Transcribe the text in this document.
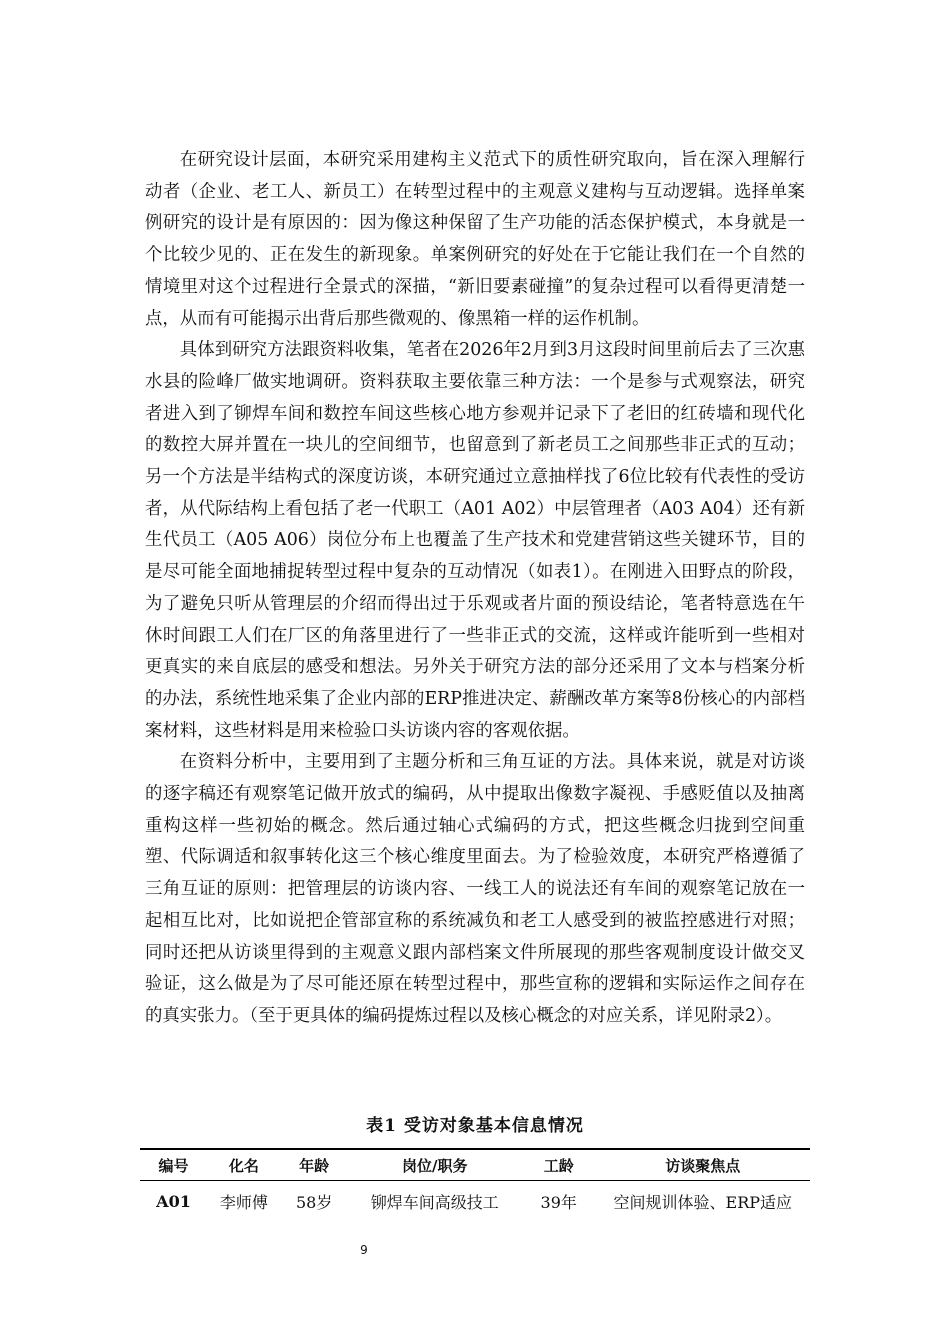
在研究设计层面，本研究采用建构主义范式下的质性研究取向，旨在深入理解行动者（企业、老工人、新员工）在转型过程中的主观意义建构与互动逻辑。选择单案例研究的设计是有原因的：因为像这种保留了生产功能的活态保护模式，本身就是一个比较少见的、正在发生的新现象。单案例研究的好处在于它能让我们在一个自然的情境里对这个过程进行全景式的深描，“新旧要素碰撞”的复杂过程可以看得更清楚一点，从而有可能揭示出背后那些微观的、像黑箱一样的运作机制。

具体到研究方法跟资料收集，笔者在2026年2月到3月这段时间里前后去了三次惠水县的险峰厂做实地调研。资料获取主要依靠三种方法：一个是参与式观察法，研究者进入到了铆焊车间和数控车间这些核心地方参观并记录下了老旧的红砖墙和现代化的数控大屏并置在一块儿的空间细节，也留意到了新老员工之间那些非正式的互动；另一个方法是半结构式的深度访谈，本研究通过立意抽样找了6位比较有代表性的受访者，从代际结构上看包括了老一代职工（A01 A02）中层管理者（A03 A04）还有新生代员工（A05 A06）岗位分布上也覆盖了生产技术和党建营销这些关键环节，目的是尽可能全面地捕捉转型过程中复杂的互动情况（如表1）。在刚进入田野点的阶段，为了避免只听从管理层的介绍而得出过于乐观或者片面的预设结论，笔者特意选在午休时间跟工人们在厂区的角落里进行了一些非正式的交流，这样或许能听到一些相对更真实的来自底层的感受和想法。另外关于研究方法的部分还采用了文本与档案分析的办法，系统性地采集了企业内部的ERP推进决定、薪酬改革方案等8份核心的内部档案材料，这些材料是用来检验口头访谈内容的客观依据。

在资料分析中，主要用到了主题分析和三角互证的方法。具体来说，就是对访谈的逐字稿还有观察笔记做开放式的编码，从中提取出像数字凝视、手感贬值以及抽离重构这样一些初始的概念。然后通过轴心式编码的方式，把这些概念归拢到空间重塑、代际调适和叙事转化这三个核心维度里面去。为了检验效度，本研究严格遵循了三角互证的原则：把管理层的访谈内容、一线工人的说法还有车间的观察笔记放在一起相互比对，比如说把企管部宣称的系统减负和老工人感受到的被监控感进行对照；同时还把从访谈里得到的主观意义跟内部档案文件所展现的那些客观制度设计做交叉验证，这么做是为了尽可能还原在转型过程中，那些宣称的逻辑和实际运作之间存在的真实张力。（至于更具体的编码提炼过程以及核心概念的对应关系，详见附录2）。

表1 受访对象基本信息情况
编号	化名	年龄	岗位/职务	工龄	访谈聚焦点
A01	李师傅	58岁	铆焊车间高级技工	39年	空间规训体验、ERP适应
9
